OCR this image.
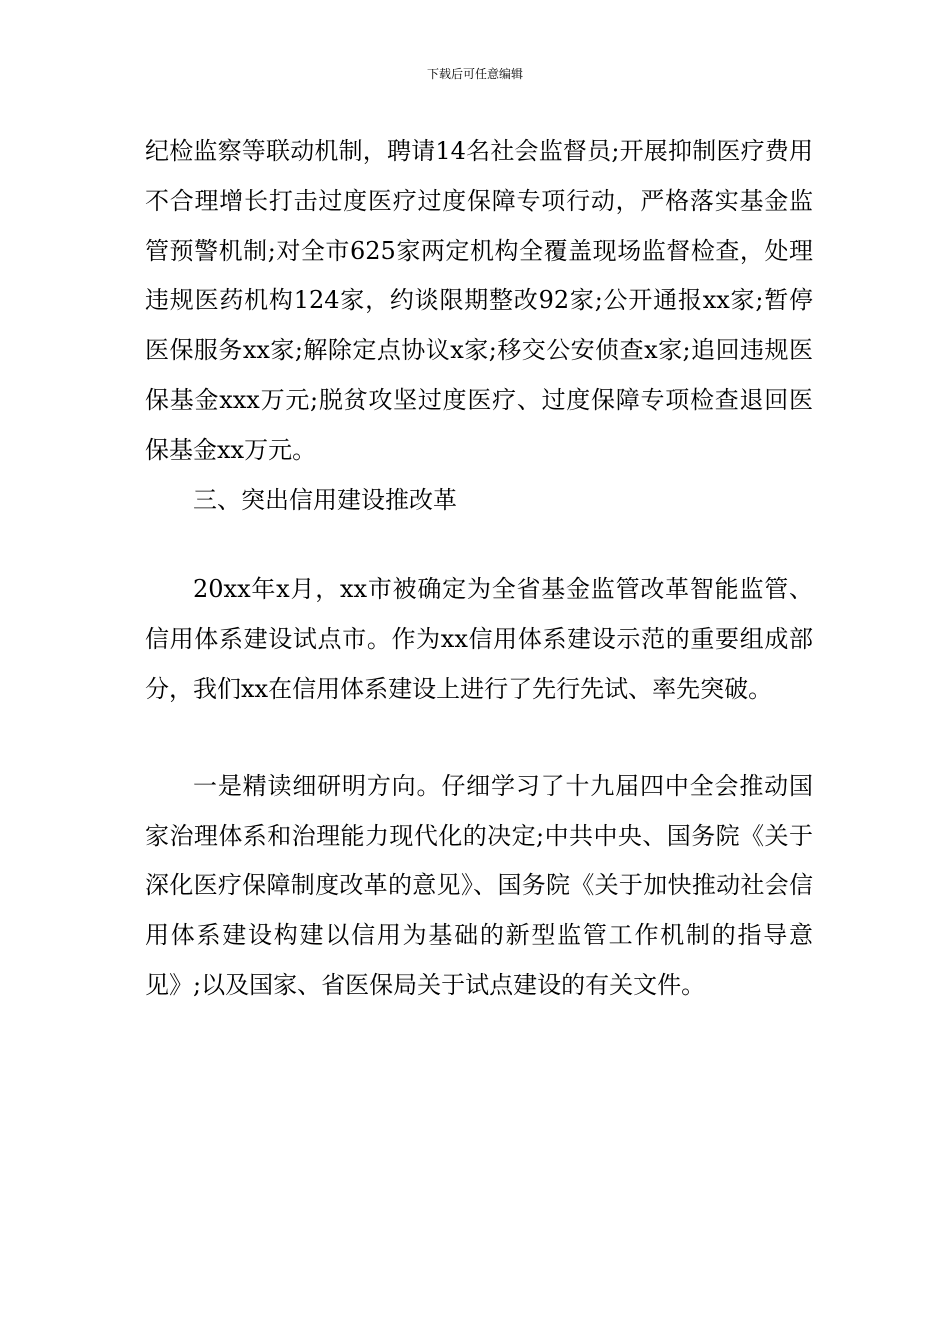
下载后可任意编辑

纪检监察等联动机制，聘请14名社会监督员;开展抑制医疗费用不合理增长打击过度医疗过度保障专项行动，严格落实基金监管预警机制;对全市625家两定机构全覆盖现场监督检查，处理违规医药机构124家，约谈限期整改92家;公开通报xx家;暂停医保服务xx家;解除定点协议x家;移交公安侦查x家;追回违规医保基金xxx万元;脱贫攻坚过度医疗、过度保障专项检查退回医保基金xx万元。

三、突出信用建设推改革

20xx年x月，xx市被确定为全省基金监管改革智能监管、信用体系建设试点市。作为xx信用体系建设示范的重要组成部分，我们xx在信用体系建设上进行了先行先试、率先突破。

一是精读细研明方向。仔细学习了十九届四中全会推动国家治理体系和治理能力现代化的决定;中共中央、国务院《关于深化医疗保障制度改革的意见》、国务院《关于加快推动社会信用体系建设构建以信用为基础的新型监管工作机制的指导意见》;以及国家、省医保局关于试点建设的有关文件。
